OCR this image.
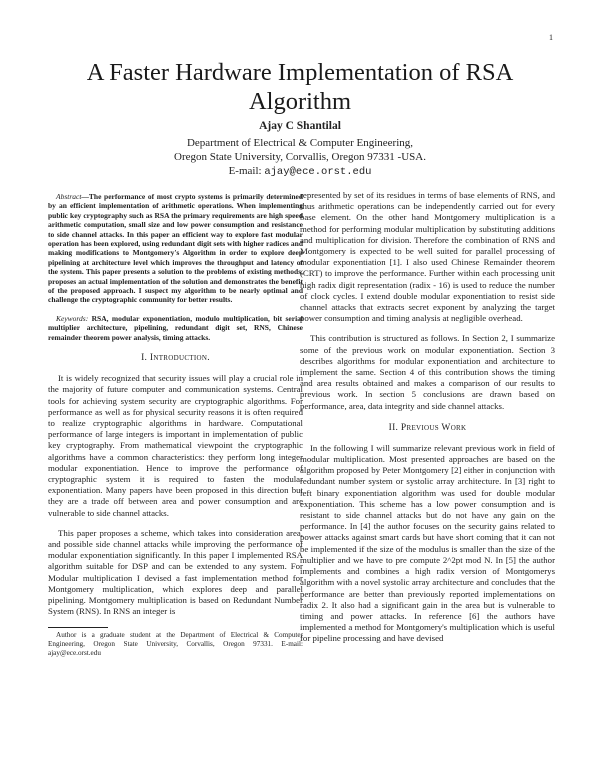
1
A Faster Hardware Implementation of RSA Algorithm
Ajay C Shantilal
Department of Electrical & Computer Engineering,
Oregon State University, Corvallis, Oregon 97331 -USA.
E-mail: ajay@ece.orst.edu

Abstract—The performance of most crypto systems is primarily determined by an efficient implementation of arithmetic operations. When implementing public key cryptography such as RSA the primary requirements are high speed arithmetic computation, small size and low power consumption and resistance to side channel attacks. In this paper an efficient way to explore fast modular operation has been explored, using redundant digit sets with higher radices and making modifications to Montgomery's Algorithm in order to explore deep pipelining at architecture level which improves the throughput and latency of the system. This paper presents a solution to the problems of existing methods, proposes an actual implementation of the solution and demonstrates the benefit of the proposed approach. I suspect my algorithm to be nearly optimal and challenge the cryptographic community for better results.

Keywords: RSA, modular exponentiation, modulo multiplication, bit serial multiplier architecture, pipelining, redundant digit set, RNS, Chinese remainder theorem power analysis, timing attacks.

I. Introduction.

It is widely recognized that security issues will play a crucial role in the majority of future computer and communication systems. Central tools for achieving system security are cryptographic algorithms. For performance as well as for physical security reasons it is often required to realize cryptographic algorithms in hardware. Computational performance of large integers is important in implementation of public key cryptography. From mathematical viewpoint the cryptographic algorithms have a common characteristics: they perform long integer modular exponentiation. Hence to improve the performance of cryptographic system it is required to fasten the modular exponentiation. Many papers have been proposed in this direction but they are a trade off between area and power consumption and are vulnerable to side channel attacks.

This paper proposes a scheme, which takes into consideration area, and possible side channel attacks while improving the performance of modular exponentiation significantly. In this paper I implemented RSA algorithm suitable for DSP and can be extended to any system. For Modular multiplication I devised a fast implementation method for Montgomery multiplication, which explores deep and parallel pipelining. Montgomery multiplication is based on Redundant Number System (RNS). In RNS an integer is

Author is a graduate student at the Department of Electrical & Computer Engineering, Oregon State University, Corvallis, Oregon 97331. E-mail: ajay@ece.orst.edu

represented by set of its residues in terms of base elements of RNS, and thus arithmetic operations can be independently carried out for every base element. On the other hand Montgomery multiplication is a method for performing modular multiplication by substituting additions and multiplication for division. Therefore the combination of RNS and Montgomery is expected to be well suited for parallel processing of modular exponentiation [1]. I also used Chinese Remainder theorem (CRT) to improve the performance. Further within each processing unit high radix digit representation (radix - 16) is used to reduce the number of clock cycles. I extend double modular exponentiation to resist side channel attacks that extracts secret exponent by analyzing the target power consumption and timing analysis at negligible overhead.

This contribution is structured as follows. In Section 2, I summarize some of the previous work on modular exponentiation. Section 3 describes algorithms for modular exponentiation and architecture to implement the same. Section 4 of this contribution shows the timing and area results obtained and makes a comparison of our results to previous work. In section 5 conclusions are drawn based on performance, area, data integrity and side channel attacks.

II. Previous Work

In the following I will summarize relevant previous work in field of modular multiplication. Most presented approaches are based on the algorithm proposed by Peter Montgomery [2] either in conjunction with redundant number system or systolic array architecture. In [3] right to left binary exponentiation algorithm was used for double modular exponentiation. This scheme has a low power consumption and is resistant to side channel attacks but do not have any gain on the performance. In [4] the author focuses on the security gains related to power attacks against smart cards but have short coming that it can not be implemented if the size of the modulus is smaller than the size of the multiplier and we have to pre compute 2^2pt mod N. In [5] the author implements and combines a high radix version of Montgomerys algorithm with a novel systolic array architecture and concludes that the performance are better than previously reported implementations on radix 2. It also had a significant gain in the area but is vulnerable to timing and power attacks. In reference [6] the authors have implemented a method for Montgomery's multiplication which is useful for pipeline processing and have devised
